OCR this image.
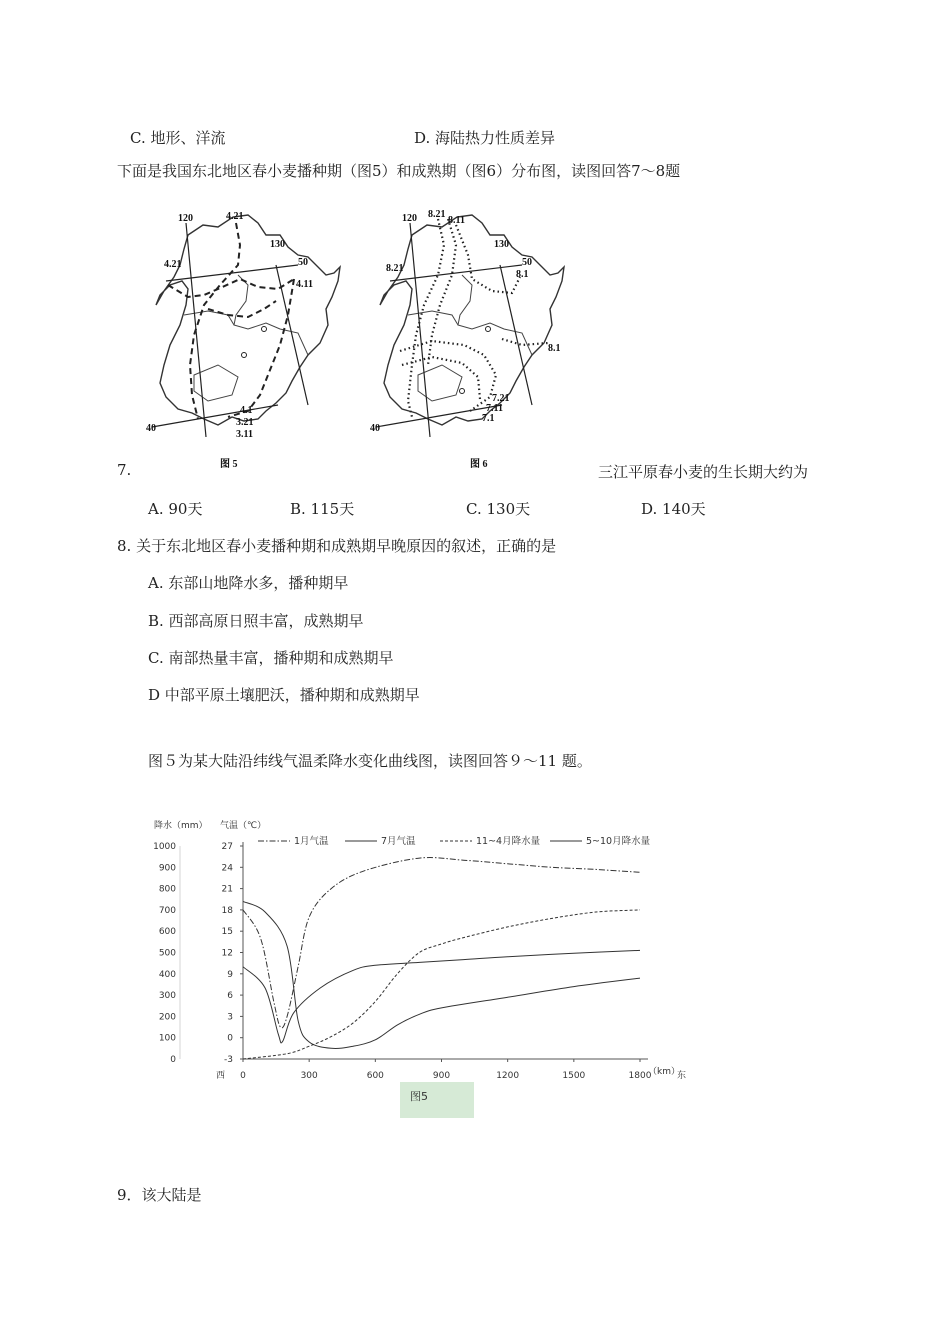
C. 地形、洋流	D. 海陆热力性质差异
下面是我国东北地区春小麦播种期（图5）和成熟期（图6）分布图，读图回答7～8题
120
130
50
40
4.21
4.21
4.11
4.1
3.21
3.11
图 5
120
130
50
40
8.21
8.11
8.21
8.1
8.1
7.21
7.11
7.1
图 6
7.	三江平原春小麦的生长期大约为
A. 90天	B. 115天	C. 130天	D. 140天
8. 关于东北地区春小麦播种期和成熟期早晚原因的叙述，正确的是
A. 东部山地降水多，播种期早
B. 西部高原日照丰富，成熟期早
C. 南部热量丰富，播种期和成熟期早
D 中部平原土壤肥沃，播种期和成熟期早
图５为某大陆沿纬线气温柔降水变化曲线图，读图回答９～11 题。
降水（mm） 气温（℃）
0
100
200
300
400
500
600
700
800
900
1000
-3
0
3
6
9
12
15
18
21
24
27
0	300	600	900	1200	1500	1800
1月气温	7月气温	11~4月降水量	5~10月降水量
西	东
（km）
图5
9．该大陆是
